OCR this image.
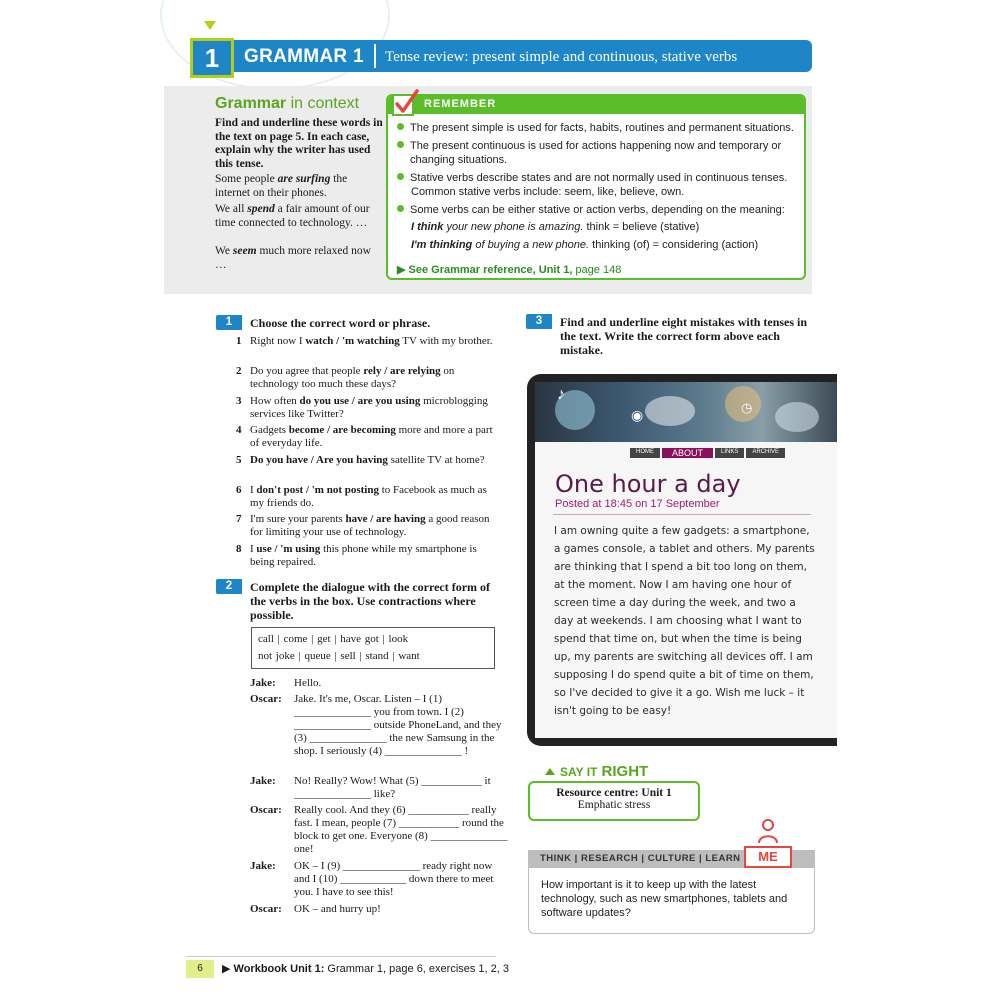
1	GRAMMAR 1 Tense review: present simple and continuous, stative verbs
Grammar in context
Find and underline these words in the text on page 5. In each case, explain why the writer has used this tense.
Some people are surfing the internet on their phones.
We all spend a fair amount of our time connected to technology. …
We seem much more relaxed now …
REMEMBER
The present simple is used for facts, habits, routines and permanent situations.
The present continuous is used for actions happening now and temporary or changing situations.
Stative verbs describe states and are not normally used in continuous tenses.
Common stative verbs include: seem, like, believe, own.
Some verbs can be either stative or action verbs, depending on the meaning:
I think your new phone is amazing. think = believe (stative)
I'm thinking of buying a new phone. thinking (of) = considering (action)
▶ See Grammar reference, Unit 1, page 148
1	Choose the correct word or phrase.
1 Right now I watch / 'm watching TV with my brother.
2 Do you agree that people rely / are relying on technology too much these days?
3 How often do you use / are you using microblogging services like Twitter?
4 Gadgets become / are becoming more and more a part of everyday life.
5 Do you have / Are you having satellite TV at home?
6 I don't post / 'm not posting to Facebook as much as my friends do.
7 I'm sure your parents have / are having a good reason for limiting your use of technology.
8 I use / 'm using this phone while my smartphone is being repaired.
2	Complete the dialogue with the correct form of the verbs in the box. Use contractions where possible.
call | come | get | have got | look
not joke | queue | sell | stand | want
Jake: Hello.
Oscar: Jake. It's me, Oscar. Listen – I (1) ______________ you from town. I (2) ______________ outside PhoneLand, and they (3) ______________ the new Samsung in the shop. I seriously (4) ______________ !
Jake: No! Really? Wow! What (5) ___________ it ______________ like?
Oscar: Really cool. And they (6) ___________ really fast. I mean, people (7) ___________ round the block to get one. Everyone (8) ______________ one!
Jake: OK – I (9) ______________ ready right now and I (10) ____________ down there to meet you. I have to see this!
Oscar: OK – and hurry up!
3	Find and underline eight mistakes with tenses in the text. Write the correct form above each mistake.
♪
◉
◷
HOME	ABOUT	LINKS	ARCHIVE
One hour a day
Posted at 18:45 on 17 September
I am owning quite a few gadgets: a smartphone, a games console, a tablet and others. My parents are thinking that I spend a bit too long on them, at the moment. Now I am having one hour of screen time a day during the week, and two a day at weekends. I am choosing what I want to spend that time on, but when the time is being up, my parents are switching all devices off. I am supposing I do spend quite a bit of time on them, so I've decided to give it a go. Wish me luck – it isn't going to be easy!
SAY IT RIGHT
Resource centre: Unit 1
Emphatic stress
THINK | RESEARCH | CULTURE | LEARN	ME
How important is it to keep up with the latest technology, such as new smartphones, tablets and software updates?
6	▶ Workbook Unit 1: Grammar 1, page 6, exercises 1, 2, 3
